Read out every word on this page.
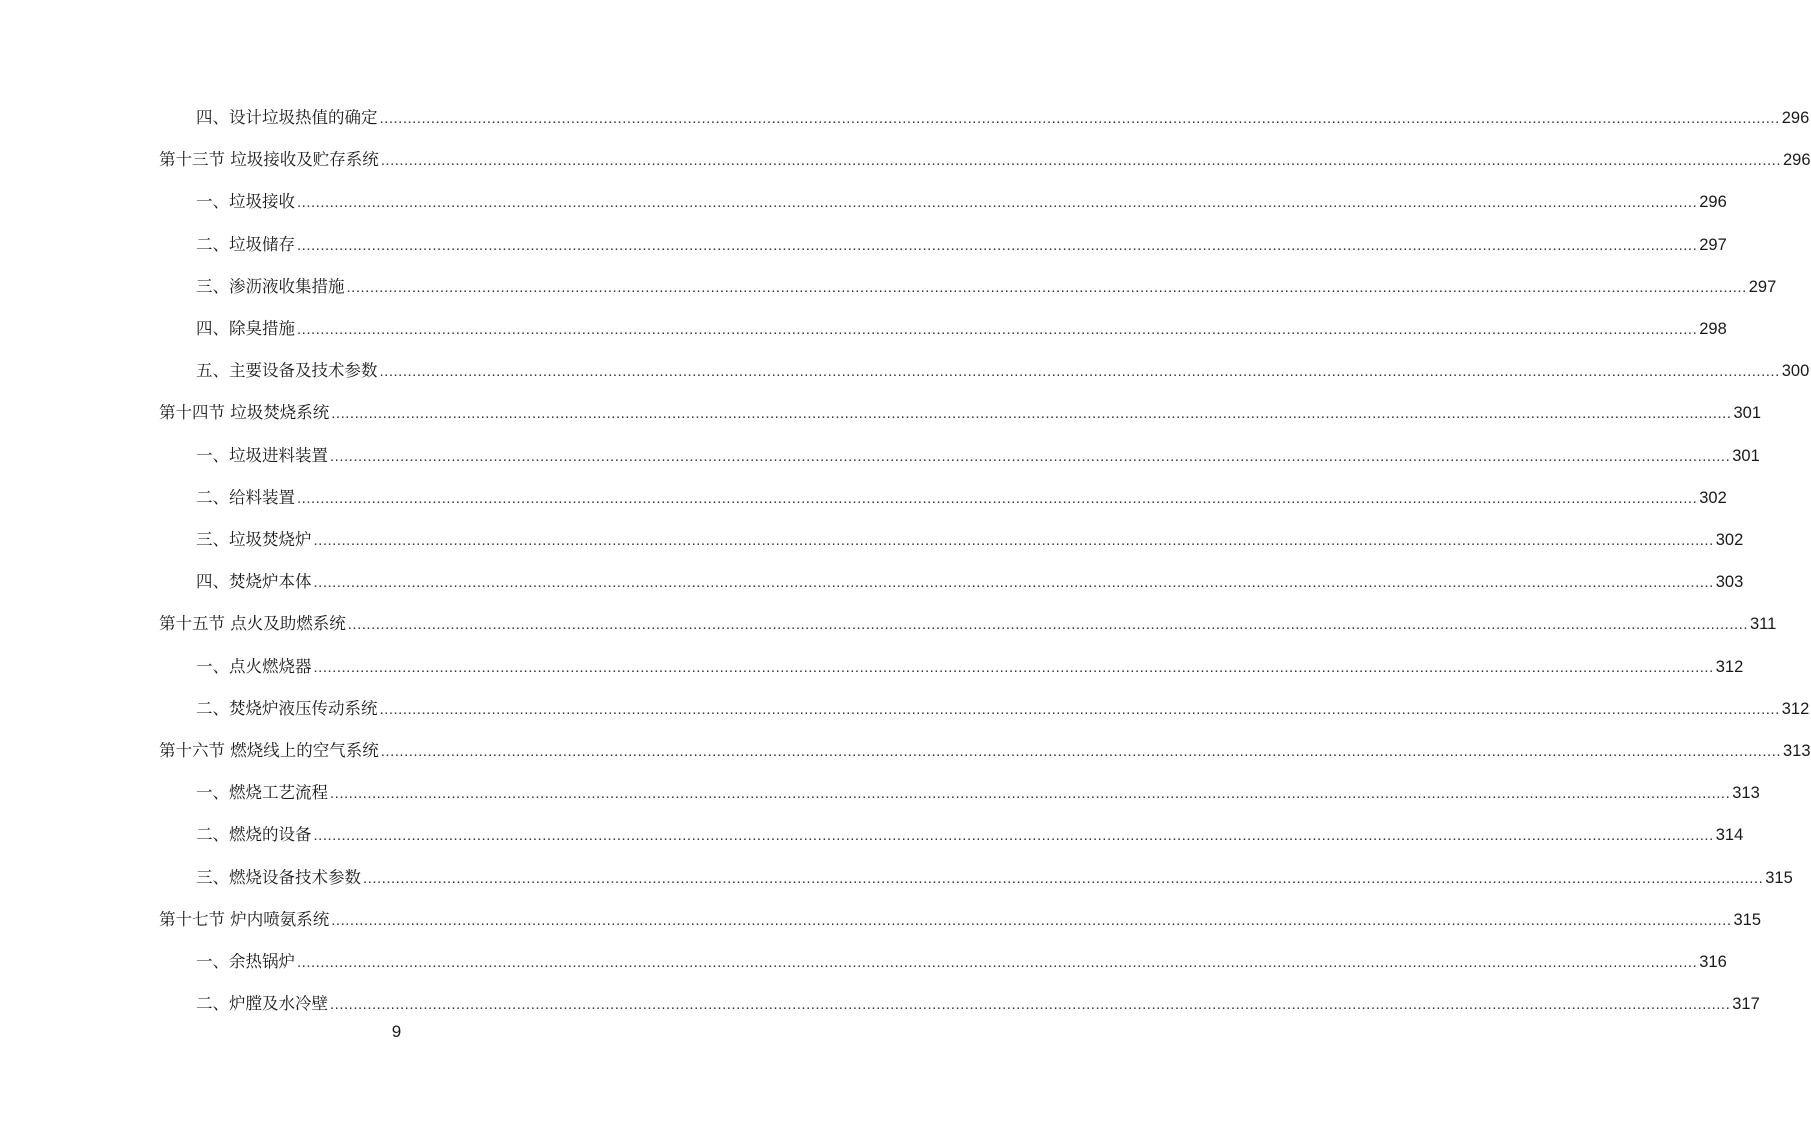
四、设计垃圾热值的确定 ............................................................................................................................................................................................................................................................................................................ 296
第十三节 垃圾接收及贮存系统 ............................................................................................................................................................................................................................................................................................................ 296
一、垃圾接收 ............................................................................................................................................................................................................................................................................................................ 296
二、垃圾储存 ............................................................................................................................................................................................................................................................................................................ 297
三、渗沥液收集措施 ............................................................................................................................................................................................................................................................................................................ 297
四、除臭措施 ............................................................................................................................................................................................................................................................................................................ 298
五、主要设备及技术参数 ............................................................................................................................................................................................................................................................................................................ 300
第十四节 垃圾焚烧系统 ............................................................................................................................................................................................................................................................................................................ 301
一、垃圾进料装置 ............................................................................................................................................................................................................................................................................................................ 301
二、给料装置 ............................................................................................................................................................................................................................................................................................................ 302
三、垃圾焚烧炉 ............................................................................................................................................................................................................................................................................................................ 302
四、焚烧炉本体 ............................................................................................................................................................................................................................................................................................................ 303
第十五节 点火及助燃系统 ............................................................................................................................................................................................................................................................................................................ 311
一、点火燃烧器 ............................................................................................................................................................................................................................................................................................................ 312
二、焚烧炉液压传动系统 ............................................................................................................................................................................................................................................................................................................ 312
第十六节 燃烧线上的空气系统 ............................................................................................................................................................................................................................................................................................................ 313
一、燃烧工艺流程 ............................................................................................................................................................................................................................................................................................................ 313
二、燃烧的设备 ............................................................................................................................................................................................................................................................................................................ 314
三、燃烧设备技术参数 ............................................................................................................................................................................................................................................................................................................ 315
第十七节 炉内喷氨系统 ............................................................................................................................................................................................................................................................................................................ 315
一、余热锅炉 ............................................................................................................................................................................................................................................................................................................ 316
二、炉膛及水冷壁 ............................................................................................................................................................................................................................................................................................................ 317
9
